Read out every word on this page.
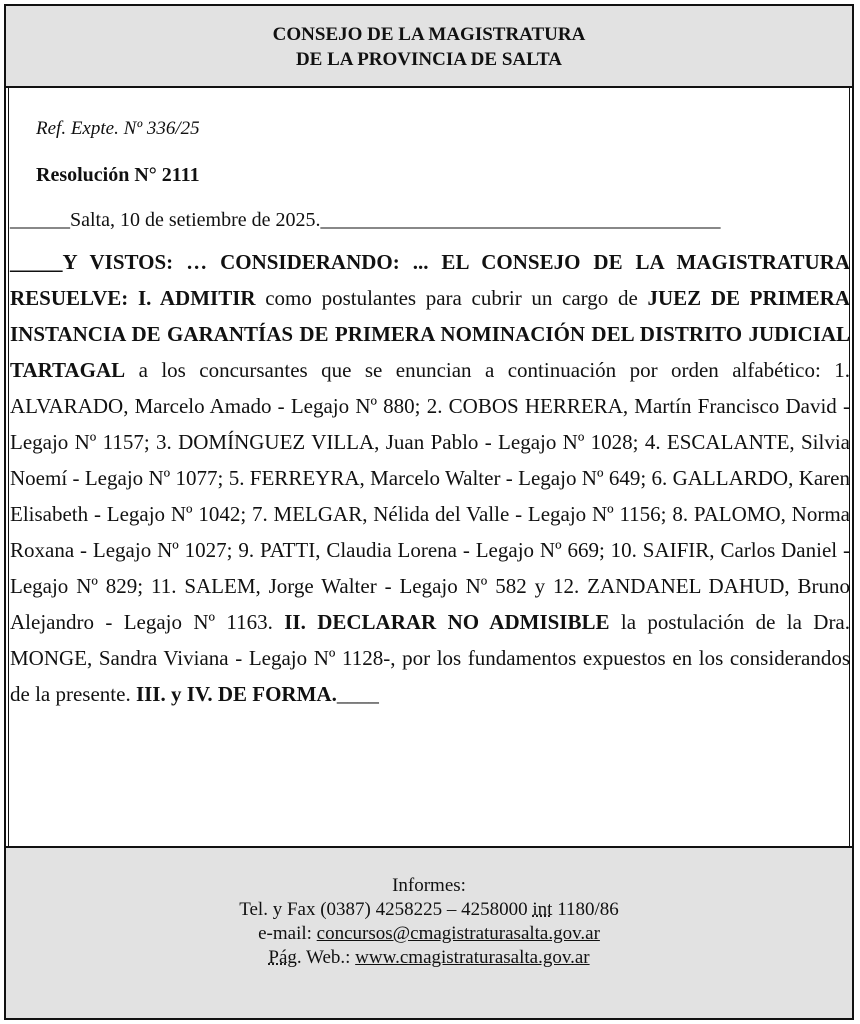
CONSEJO DE LA MAGISTRATURA
DE LA PROVINCIA DE SALTA
Ref. Expte. Nº 336/25
Resolución N° 2111
______Salta, 10 de setiembre de 2025.________________________________________
_____Y VISTOS: … CONSIDERANDO: ... EL CONSEJO DE LA MAGISTRATURA RESUELVE: I. ADMITIR como postulantes para cubrir un cargo de JUEZ DE PRIMERA INSTANCIA DE GARANTÍAS DE PRIMERA NOMINACIÓN DEL DISTRITO JUDICIAL TARTAGAL a los concursantes que se enuncian a continuación por orden alfabético: 1. ALVARADO, Marcelo Amado - Legajo Nº 880; 2. COBOS HERRERA, Martín Francisco David - Legajo Nº 1157; 3. DOMÍNGUEZ VILLA, Juan Pablo - Legajo Nº 1028; 4. ESCALANTE, Silvia Noemí - Legajo Nº 1077; 5. FERREYRA, Marcelo Walter - Legajo Nº 649; 6. GALLARDO, Karen Elisabeth - Legajo Nº 1042; 7. MELGAR, Nélida del Valle - Legajo Nº 1156; 8. PALOMO, Norma Roxana - Legajo Nº 1027; 9. PATTI, Claudia Lorena - Legajo Nº 669; 10. SAIFIR, Carlos Daniel - Legajo Nº 829; 11. SALEM, Jorge Walter - Legajo Nº 582 y 12. ZANDANEL DAHUD, Bruno Alejandro - Legajo Nº 1163. II. DECLARAR NO ADMISIBLE la postulación de la Dra. MONGE, Sandra Viviana - Legajo Nº 1128-, por los fundamentos expuestos en los considerandos de la presente. III. y IV. DE FORMA.____
Informes:
Tel. y Fax (0387) 4258225 – 4258000 int 1180/86
e-mail: concursos@cmagistraturasalta.gov.ar
Pág. Web.: www.cmagistraturasalta.gov.ar
